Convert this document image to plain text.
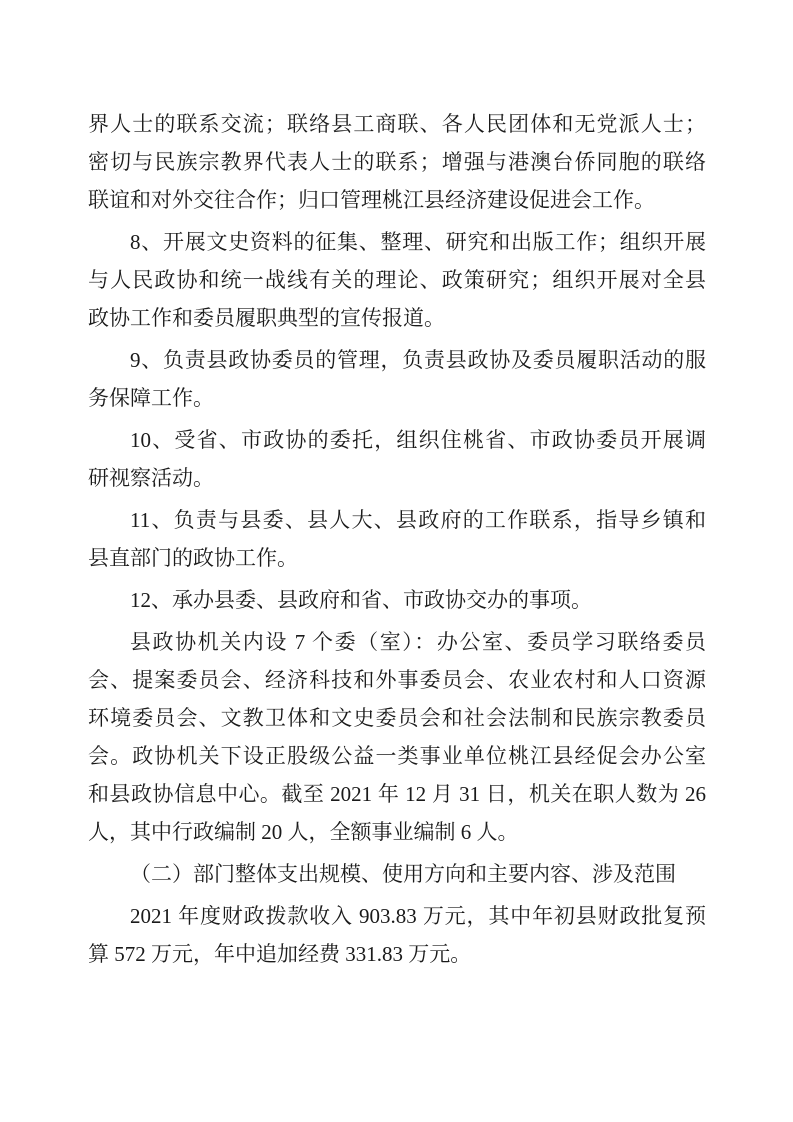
界人士的联系交流；联络县工商联、各人民团体和无党派人士；
密切与民族宗教界代表人士的联系；增强与港澳台侨同胞的联络
联谊和对外交往合作；归口管理桃江县经济建设促进会工作。
8、开展文史资料的征集、整理、研究和出版工作；组织开展
与人民政协和统一战线有关的理论、政策研究；组织开展对全县
政协工作和委员履职典型的宣传报道。
9、负责县政协委员的管理，负责县政协及委员履职活动的服
务保障工作。
10、受省、市政协的委托，组织住桃省、市政协委员开展调
研视察活动。
11、负责与县委、县人大、县政府的工作联系，指导乡镇和
县直部门的政协工作。
12、承办县委、县政府和省、市政协交办的事项。
县政协机关内设 7 个委（室）：办公室、委员学习联络委员
会、提案委员会、经济科技和外事委员会、农业农村和人口资源
环境委员会、文教卫体和文史委员会和社会法制和民族宗教委员
会。政协机关下设正股级公益一类事业单位桃江县经促会办公室
和县政协信息中心。截至 2021 年 12 月 31 日，机关在职人数为 26
人，其中行政编制 20 人，全额事业编制 6 人。
（二）部门整体支出规模、使用方向和主要内容、涉及范围
2021 年度财政拨款收入 903.83 万元，其中年初县财政批复预
算 572 万元，年中追加经费 331.83 万元。
